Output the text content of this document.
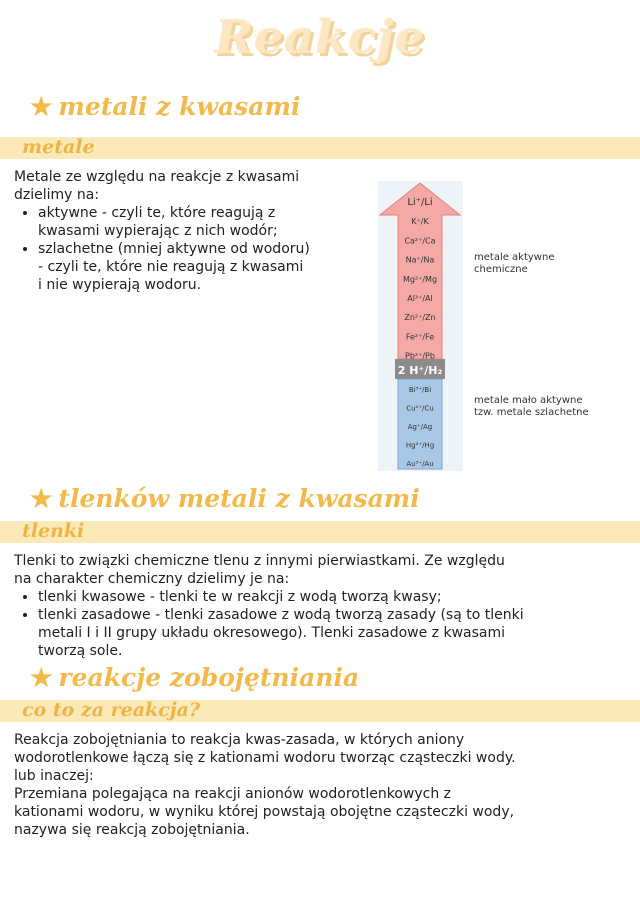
Reakcje
★ metali z kwasami
metale

Metale ze względu na reakcje z kwasami dzielimy na:

• aktywne - czyli te, które reagują z
kwasami wypierając z nich wodór;
• szlachetne (mniej aktywne od wodoru)
- czyli te, które nie reagują z kwasami
i nie wypierają wodoru.
2 H⁺/H₂
Li⁺/Li
K⁺/K
Ca²⁺/Ca
Na⁺/Na
Mg²⁺/Mg
Al³⁺/Al
Zn²⁺/Zn
Fe²⁺/Fe
Pb²⁺/Pb
Bi³⁺/Bi
Cu²⁺/Cu
Ag⁺/Ag
Hg²⁺/Hg
Au³⁺/Au
metale aktywne
chemiczne
metale mało aktywne
tzw. metale szlachetne
★ tlenków metali z kwasami
tlenki

Tlenki to związki chemiczne tlenu z innymi pierwiastkami. Ze względu
na charakter chemiczny dzielimy je na:

• tlenki kwasowe - tlenki te w reakcji z wodą tworzą kwasy;
• tlenki zasadowe - tlenki zasadowe z wodą tworzą zasady (są to tlenki
metali I i II grupy układu okresowego). Tlenki zasadowe z kwasami
tworzą sole.
★ reakcje zobojętniania
co to za reakcja?

Reakcja zobojętniania to reakcja kwas-zasada, w których aniony
wodorotlenkowe łączą się z kationami wodoru tworząc cząsteczki wody.
lub inaczej:
Przemiana polegająca na reakcji anionów wodorotlenkowych z
kationami wodoru, w wyniku której powstają obojętne cząsteczki wody,
nazywa się reakcją zobojętniania.
